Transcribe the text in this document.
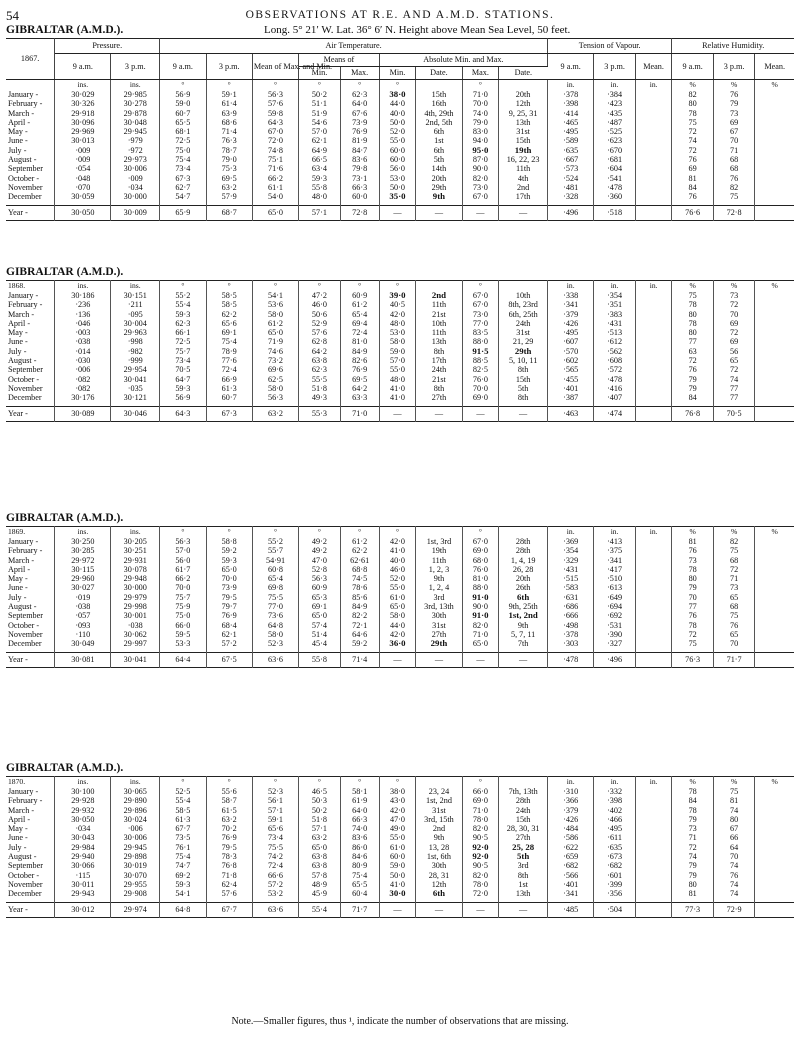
54	OBSERVATIONS AT R.E. AND A.M.D. STATIONS.
GIBRALTAR (A.M.D.).	Long. 5° 21′ W. Lat. 36° 6′ N. Height above Mean Sea Level, 50 feet.
1867.	Pressure.		Air Temperature.									Tension of Vapour.			Relative Humidity.		
	9 a.m.	3 p.m.	9 a.m.	3 p.m.	Mean of Max. and Min.	Means of		Absolute Min. and Max.				9 a.m.	3 p.m.	Mean.	9 a.m.	3 p.m.	Mean.
						Min.	Max.	Min.	Date.	Max.	Date.						
	ins.	ins.	°	°	°	°	°	°		°		in.	in.	in.	%	%	%
January -	30·029	29·985	56·9	59·1	56·3	50·2	62·3	38·0	15th	71·0	20th	·378	·384		82	76	
February -	30·326	30·278	59·0	61·4	57·6	51·1	64·0	44·0	16th	70·0	12th	·398	·423		80	79	
March -	29·918	29·878	60·7	63·9	59·8	51·9	67·6	40·0	4th, 29th	74·0	9, 25, 31	·414	·435		78	73	
April -	30·096	30·048	65·5	68·6	64·3	54·6	73·9	50·0	2nd, 5th	79·0	13th	·465	·487		75	69	
May -	29·969	29·945	68·1	71·4	67·0	57·0	76·9	52·0	6th	83·0	31st	·495	·525		72	67	
June -	30·013	·979	72·5	76·3	72·0	62·1	81·9	55·0	1st	94·0	15th	·589	·623		74	70	
July -	·009	·972	75·0	78·7	74·8	64·9	84·7	60·0	6th	95·0	19th	·635	·670		72	71	
August -	·009	29·973	75·4	79·0	75·1	66·5	83·6	60·0	5th	87·0	16, 22, 23	·667	·681		76	68	
September	·054	30·006	73·4	75·3	71·6	63·4	79·8	56·0	14th	90·0	11th	·573	·604		69	68	
October -	·048	·009	67·3	69·5	66·2	59·3	73·1	53·0	20th	82·0	4th	·524	·541		81	76	
November	·070	·034	62·7	63·2	61·1	55·8	66·3	50·0	29th	73·0	2nd	·481	·478		84	82	
December	30·059	30·000	54·7	57·9	54·0	48·0	60·0	35·0	9th	67·0	17th	·328	·360		76	75	
Year -	30·050	30·009	65·9	68·7	65·0	57·1	72·8	—	—	—	—	·496	·518		76·6	72·8	
GIBRALTAR (A.M.D.).
1868.	ins.	ins.	°	°	°	°	°	°		°		in.	in.	in.	%	%	%
January -	30·186	30·151	55·2	58·5	54·1	47·2	60·9	39·0	2nd	67·0	10th	·338	·354		75	73	
February -	·236	·211	55·4	58·5	53·6	46·0	61·2	40·5	11th	67·0	8th, 23rd	·341	·351		78	72	
March -	·136	·095	59·3	62·2	58·0	50·6	65·4	42·0	21st	73·0	6th, 25th	·379	·383		80	70	
April -	·046	30·004	62·3	65·6	61·2	52·9	69·4	48·0	10th	77·0	24th	·426	·431		78	69	
May -	·003	29·963	66·1	69·1	65·0	57·6	72·4	53·0	11th	83·5	31st	·495	·513		80	72	
June -	·038	·998	72·5	75·4	71·9	62·8	81·0	58·0	13th	88·0	21, 29	·607	·612		77	69	
July -	·014	·982	75·7	78·9	74·6	64·2	84·9	59·0	8th	91·5	29th	·570	·562		63	56	
August -	·030	·999	73·4	77·6	73·2	63·8	82·6	57·0	17th	88·5	5, 10, 11	·602	·608		72	65	
September	·006	29·954	70·5	72·4	69·6	62·3	76·9	55·0	24th	82·5	8th	·565	·572		76	72	
October -	·082	30·041	64·7	66·9	62·5	55·5	69·5	48·0	21st	76·0	15th	·455	·478		79	74	
November	·082	·035	59·3	61·3	58·0	51·8	64·2	41·0	8th	70·0	5th	·401	·416		79	77	
December	30·176	30·121	56·9	60·7	56·3	49·3	63·3	41·0	27th	69·0	8th	·387	·407		84	77	
Year -	30·089	30·046	64·3	67·3	63·2	55·3	71·0	—	—	—	—	·463	·474		76·8	70·5	
GIBRALTAR (A.M.D.).
1869.	ins.	ins.	°	°	°	°	°	°		°		in.	in.	in.	%	%	%
January -	30·250	30·205	56·3	58·8	55·2	49·2	61·2	42·0	1st, 3rd	67·0	28th	·369	·413		81	82	
February -	30·285	30·251	57·0	59·2	55·7	49·2	62·2	41·0	19th	69·0	28th	·354	·375		76	75	
March -	29·972	29·931	56·0	59·3	54·91	47·0	62·61	40·0	11th	68·0	1, 4, 19	·329	·341		73	68	
April -	30·115	30·078	61·7	65·0	60·8	52·8	68·8	46·0	1, 2, 3	76·0	26, 28	·431	·417		78	72	
May -	29·960	29·948	66·2	70·0	65·4	56·3	74·5	52·0	9th	81·0	20th	·515	·510		80	71	
June -	30·027	30·000	70·0	73·9	69·8	60·9	78·6	55·0	1, 2, 4	88·0	26th	·583	·613		79	73	
July -	·019	29·979	75·7	79·5	75·5	65·3	85·6	61·0	3rd	91·0	6th	·631	·649		70	65	
August -	·038	29·998	75·9	79·7	77·0	69·1	84·9	65·0	3rd, 13th	90·0	9th, 25th	·686	·694		77	68	
September	·057	30·001	75·0	76·9	73·6	65·0	82·2	58·0	30th	91·0	1st, 2nd	·666	·692		76	75	
October -	·093	·038	66·0	68·4	64·8	57·4	72·1	44·0	31st	82·0	9th	·498	·531		78	76	
November	·110	30·062	59·5	62·1	58·0	51·4	64·6	42·0	27th	71·0	5, 7, 11	·378	·390		72	65	
December	30·049	29·997	53·3	57·2	52·3	45·4	59·2	36·0	29th	65·0	7th	·303	·327		75	70	
Year -	30·081	30·041	64·4	67·5	63·6	55·8	71·4	—	—	—	—	·478	·496		76·3	71·7	
GIBRALTAR (A.M.D.).
1870.	ins.	ins.	°	°	°	°	°	°		°		in.	in.	in.	%	%	%
January -	30·100	30·065	52·5	55·6	52·3	46·5	58·1	38·0	23, 24	66·0	7th, 13th	·310	·332		78	75	
February -	29·928	29·890	55·4	58·7	56·1	50·3	61·9	43·0	1st, 2nd	69·0	28th	·366	·398		84	81	
March -	29·932	29·896	58·5	61·5	57·1	50·2	64·0	42·0	31st	71·0	24th	·379	·402		78	74	
April -	30·050	30·024	61·3	63·2	59·1	51·8	66·3	47·0	3rd, 15th	78·0	15th	·426	·466		79	80	
May -	·034	·006	67·7	70·2	65·6	57·1	74·0	49·0	2nd	82·0	28, 30, 31	·484	·495		73	67	
June -	30·043	30·006	73·5	76·9	73·4	63·2	83·6	55·0	9th	90·5	27th	·586	·611		71	66	
July -	29·984	29·945	76·1	79·5	75·5	65·0	86·0	61·0	13, 28	92·0	25, 28	·622	·635		72	64	
August -	29·940	29·898	75·4	78·3	74·2	63·8	84·6	60·0	1st, 6th	92·0	5th	·659	·673		74	70	
September	30·066	30·019	74·7	76·8	72·4	63·8	80·9	59·0	30th	90·5	3rd	·682	·682		79	74	
October -	·115	30·070	69·2	71·8	66·6	57·8	75·4	50·0	28, 31	82·0	8th	·566	·601		79	76	
November	30·011	29·955	59·3	62·4	57·2	48·9	65·5	41·0	12th	78·0	1st	·401	·399		80	74	
December	29·943	29·908	54·1	57·6	53·2	45·9	60·4	30·0	6th	72·0	13th	·341	·356		81	74	
Year -	30·012	29·974	64·8	67·7	63·6	55·4	71·7	—	—	—	—	·485	·504		77·3	72·9	
Note.—Smaller figures, thus ¹, indicate the number of observations that are missing.
